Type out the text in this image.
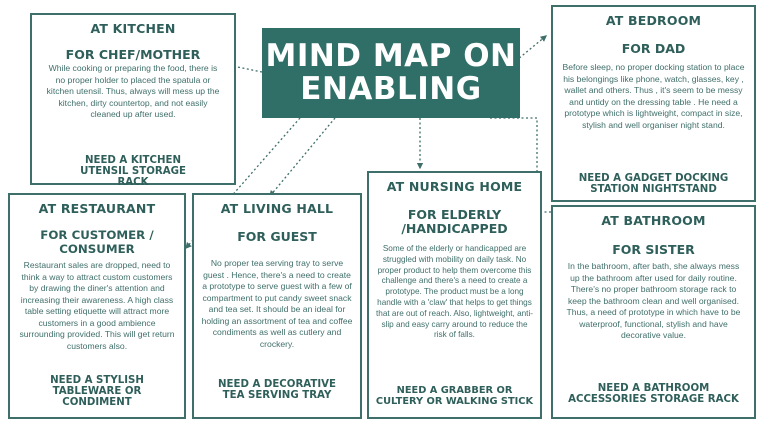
MIND MAP ON
ENABLING
AT KITCHEN
FOR CHEF/MOTHER
While cooking or preparing the food, there is no proper holder to placed the spatula or kitchen utensil. Thus, always will mess up the kitchen, dirty countertop, and not easily cleaned up after used.
NEED A KITCHEN UTENSIL STORAGE RACK
AT BEDROOM
FOR DAD
Before sleep, no proper docking station to place his belongings like phone, watch, glasses, key , wallet and others. Thus , it's seem to be messy and untidy on the dressing table . He need a prototype which is lightweight, compact in size, stylish and well organiser night stand.
NEED A GADGET DOCKING STATION NIGHTSTAND
AT RESTAURANT
FOR CUSTOMER / CONSUMER
Restaurant sales are dropped, need to think a way to attract custom customers by drawing the diner's attention and increasing their awareness. A high class table setting etiquette will attract more customers in a good ambience surrounding provided. This will get return customers also.
NEED A STYLISH TABLEWARE OR CONDIMENT
AT LIVING HALL
FOR GUEST
No proper tea serving tray to serve guest . Hence, there's a need to create a prototype to serve guest with a few of compartment to put candy sweet snack and tea set. It should be an ideal for holding an assortment of tea and coffee condiments as well as cutlery and crockery.
NEED A DECORATIVE TEA SERVING TRAY
AT NURSING HOME
FOR ELDERLY /HANDICAPPED
Some of the elderly or handicapped are struggled with mobility on daily task. No proper product to help them overcome this challenge and there's a need to create a prototype. The product must be a long handle with a 'claw' that helps to get things that are out of reach. Also, lightweight, anti-slip and easy carry around to reduce the risk of falls.
NEED A GRABBER OR CULTERY OR WALKING STICK
AT BATHROOM
FOR SISTER
In the bathroom, after bath, she always mess up the bathroom after used for daily routine. There's no proper bathroom storage rack to keep the bathroom clean and well organised. Thus, a need of prototype in which have to be waterproof, functional, stylish and have decorative value.
NEED A BATHROOM ACCESSORIES STORAGE RACK
